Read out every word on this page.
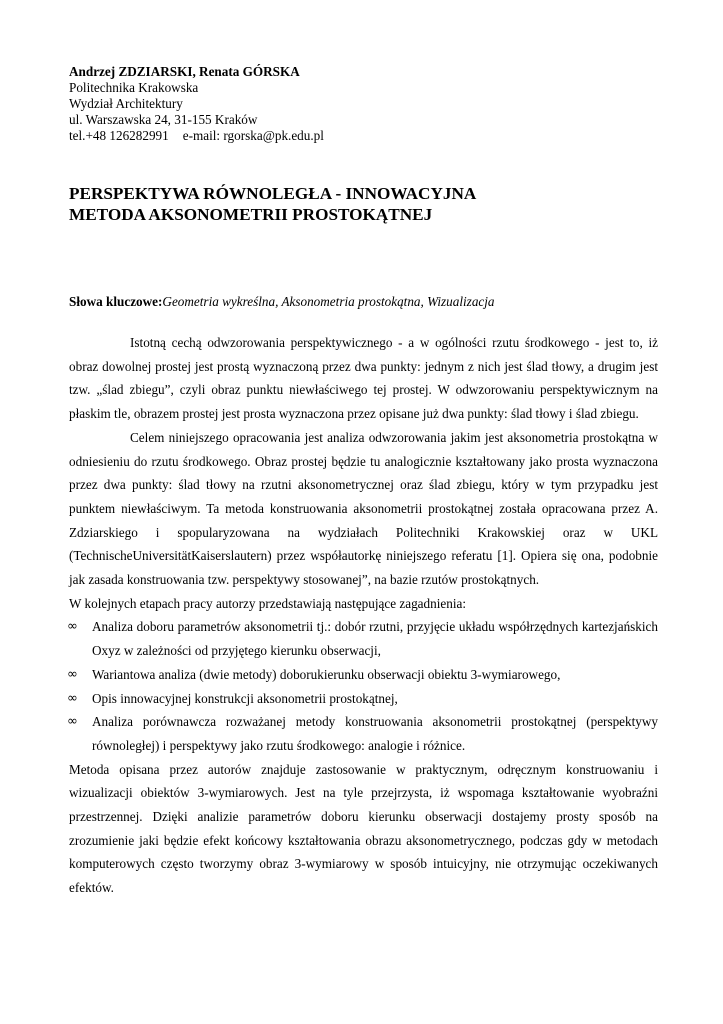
Andrzej ZDZIARSKI, Renata GÓRSKA
Politechnika Krakowska
Wydział Architektury
ul. Warszawska 24, 31-155 Kraków
tel.+48 126282991 e-mail: rgorska@pk.edu.pl
PERSPEKTYWA RÓWNOLEGŁA - INNOWACYJNA
METODA AKSONOMETRII PROSTOKĄTNEJ
Słowa kluczowe:Geometria wykreślna, Aksonometria prostokątna, Wizualizacja

Istotną cechą odwzorowania perspektywicznego - a w ogólności rzutu środkowego - jest to, iż obraz dowolnej prostej jest prostą wyznaczoną przez dwa punkty: jednym z nich jest ślad tłowy, a drugim jest tzw. „ślad zbiegu”, czyli obraz punktu niewłaściwego tej prostej. W odwzorowaniu perspektywicznym na płaskim tle, obrazem prostej jest prosta wyznaczona przez opisane już dwa punkty: ślad tłowy i ślad zbiegu.

Celem niniejszego opracowania jest analiza odwzorowania jakim jest aksonometria prostokątna w odniesieniu do rzutu środkowego. Obraz prostej będzie tu analogicznie kształtowany jako prosta wyznaczona przez dwa punkty: ślad tłowy na rzutni aksonometrycznej oraz ślad zbiegu, który w tym przypadku jest punktem niewłaściwym. Ta metoda konstruowania aksonometrii prostokątnej została opracowana przez A. Zdziarskiego i spopularyzowana na wydziałach Politechniki Krakowskiej oraz w UKL (TechnischeUniversitätKaiserslautern) przez współautorkę niniejszego referatu [1]. Opiera się ona, podobnie jak zasada konstruowania tzw. perspektywy stosowanej”, na bazie rzutów prostokątnych.

W kolejnych etapach pracy autorzy przedstawiają następujące zagadnienia:

∞	Analiza doboru parametrów aksonometrii tj.: dobór rzutni, przyjęcie układu współrzędnych kartezjańskich Oxyz w zależności od przyjętego kierunku obserwacji,
∞	Wariantowa analiza (dwie metody) doborukierunku obserwacji obiektu 3-wymiarowego,
∞	Opis innowacyjnej konstrukcji aksonometrii prostokątnej,
∞	Analiza porównawcza rozważanej metody konstruowania aksonometrii prostokątnej (perspektywy równoległej) i perspektywy jako rzutu środkowego: analogie i różnice.

Metoda opisana przez autorów znajduje zastosowanie w praktycznym, odręcznym konstruowaniu i wizualizacji obiektów 3-wymiarowych. Jest na tyle przejrzysta, iż wspomaga kształtowanie wyobraźni przestrzennej. Dzięki analizie parametrów doboru kierunku obserwacji dostajemy prosty sposób na zrozumienie jaki będzie efekt końcowy kształtowania obrazu aksonometrycznego, podczas gdy w metodach komputerowych często tworzymy obraz 3-wymiarowy w sposób intuicyjny, nie otrzymując oczekiwanych efektów.
